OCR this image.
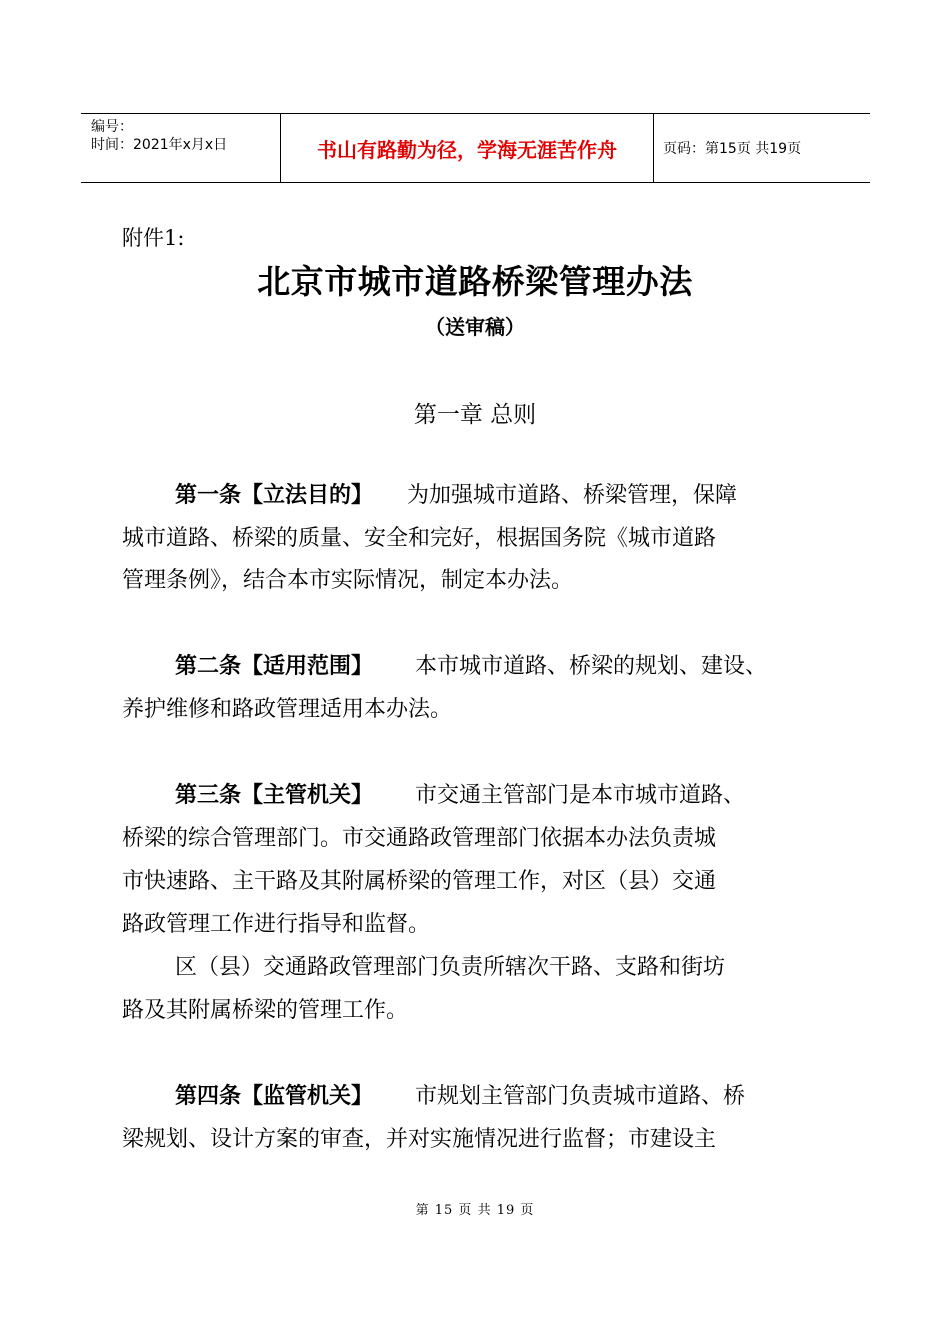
编号：
时间：2021年x月x日	书山有路勤为径，学海无涯苦作舟	页码：第15页 共19页
附件1:
北京市城市道路桥梁管理办法
（送审稿）
第一章 总则
第一条【立法目的】 为加强城市道路、桥梁管理，保障
城市道路、桥梁的质量、安全和完好，根据国务院《城市道路
管理条例》，结合本市实际情况，制定本办法。
第二条【适用范围】 本市城市道路、桥梁的规划、建设、
养护维修和路政管理适用本办法。
第三条【主管机关】 市交通主管部门是本市城市道路、
桥梁的综合管理部门。市交通路政管理部门依据本办法负责城
市快速路、主干路及其附属桥梁的管理工作，对区（县）交通
路政管理工作进行指导和监督。
区（县）交通路政管理部门负责所辖次干路、支路和街坊
路及其附属桥梁的管理工作。
第四条【监管机关】 市规划主管部门负责城市道路、桥
梁规划、设计方案的审查，并对实施情况进行监督；市建设主
第 15 页 共 19 页
